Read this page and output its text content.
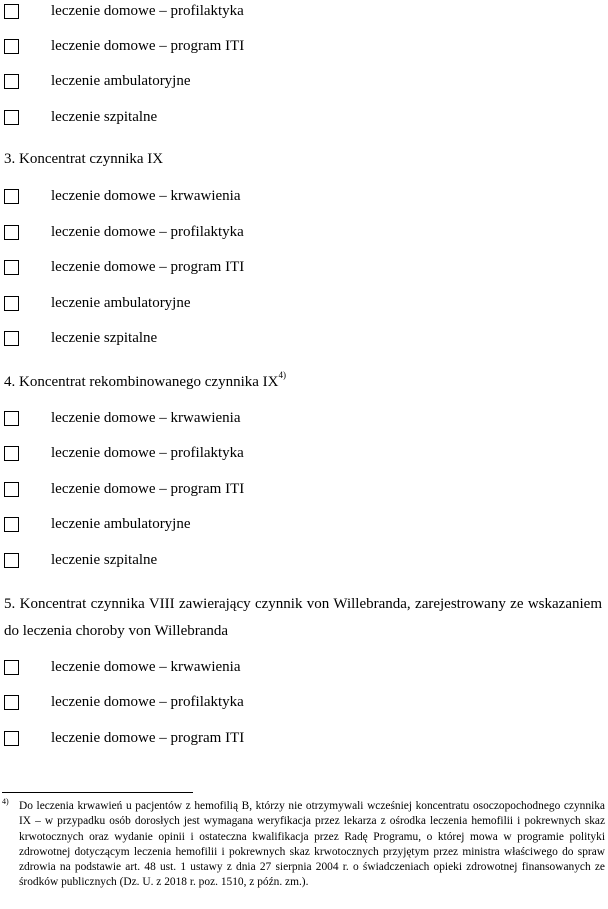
leczenie domowe – profilaktyka
leczenie domowe – program ITI
leczenie ambulatoryjne
leczenie szpitalne
3. Koncentrat czynnika IX
leczenie domowe – krwawienia
leczenie domowe – profilaktyka
leczenie domowe – program ITI
leczenie ambulatoryjne
leczenie szpitalne
4. Koncentrat rekombinowanego czynnika IX$^{4)}$
leczenie domowe – krwawienia
leczenie domowe – profilaktyka
leczenie domowe – program ITI
leczenie ambulatoryjne
leczenie szpitalne
5. Koncentrat czynnika VIII zawierający czynnik von Willebranda, zarejestrowany ze wskazaniem do leczenia choroby von Willebranda
leczenie domowe – krwawienia
leczenie domowe – profilaktyka
leczenie domowe – program ITI
4) Do leczenia krwawień u pacjentów z hemofilią B, którzy nie otrzymywali wcześniej koncentratu osoczopochodnego czynnika IX – w przypadku osób dorosłych jest wymagana weryfikacja przez lekarza z ośrodka leczenia hemofilii i pokrewnych skaz krwotocznych oraz wydanie opinii i ostateczna kwalifikacja przez Radę Programu, o której mowa w programie polityki zdrowotnej dotyczącym leczenia hemofilii i pokrewnych skaz krwotocznych przyjętym przez ministra właściwego do spraw zdrowia na podstawie art. 48 ust. 1 ustawy z dnia 27 sierpnia 2004 r. o świadczeniach opieki zdrowotnej finansowanych ze środków publicznych (Dz. U. z 2018 r. poz. 1510, z późn. zm.).
